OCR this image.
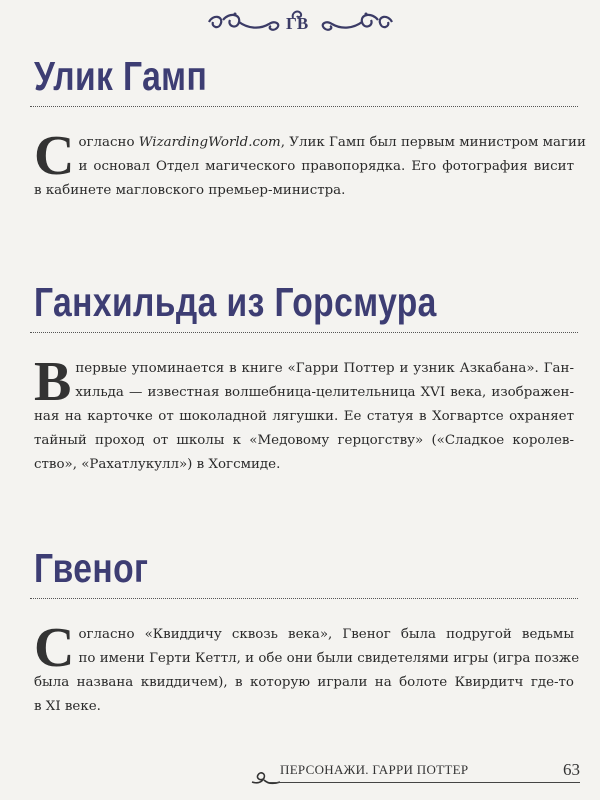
ГВ
Улик Гамп
С огласно WizardingWorld.com, Улик Гамп был первым министром магии
и основал Отдел магического правопорядка. Его фотография висит
в кабинете магловского премьер-министра.
Ганхильда из Горсмура
В первые упоминается в книге «Гарри Поттер и узник Азкабана». Ган-
хильда — известная волшебница-целительница XVI века, изображен-
ная на карточке от шоколадной лягушки. Ее статуя в Хогвартсе охраняет
тайный проход от школы к «Медовому герцогству» («Сладкое королев-
ство», «Рахатлукулл») в Хогсмиде.
Гвеног
С огласно «Квиддичу сквозь века», Гвеног была подругой ведьмы
по имени Герти Кеттл, и обе они были свидетелями игры (игра позже
была названа квиддичем), в которую играли на болоте Квирдитч где-то
в XI веке.
ПЕРСОНАЖИ. ГАРРИ ПОТТЕР	63
